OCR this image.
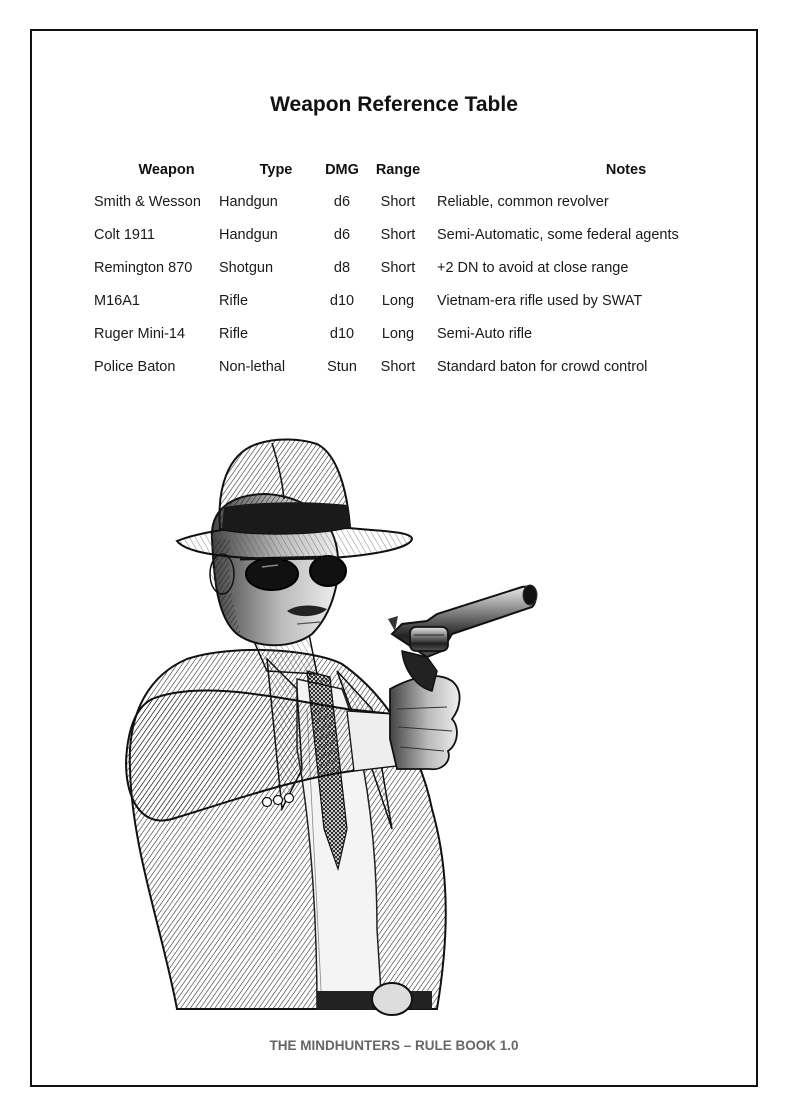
Weapon Reference Table
Weapon	Type	DMG	Range	Notes
Smith & Wesson	Handgun	d6	Short	Reliable, common revolver
Colt 1911	Handgun	d6	Short	Semi-Automatic, some federal agents
Remington 870	Shotgun	d8	Short	+2 DN to avoid at close range
M16A1	Rifle	d10	Long	Vietnam-era rifle used by SWAT
Ruger Mini-14	Rifle	d10	Long	Semi-Auto rifle
Police Baton	Non-lethal	Stun	Short	Standard baton for crowd control
THE MINDHUNTERS – RULE BOOK 1.0
